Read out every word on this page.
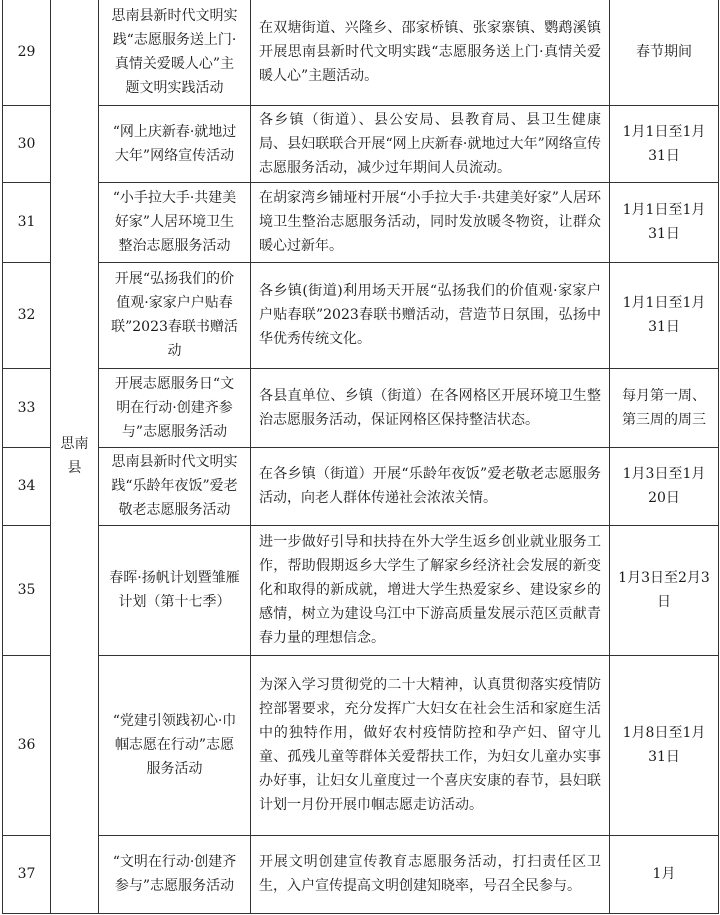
29	思南县	思南县新时代文明实践“志愿服务送上门·真情关爱暖人心”主题文明实践活动	在双塘街道、兴隆乡、邵家桥镇、张家寨镇、鹦鹉溪镇开展思南县新时代文明实践“志愿服务送上门·真情关爱暖人心”主题活动。	春节期间
30		“网上庆新春·就地过大年”网络宣传活动	各乡镇（街道）、县公安局、县教育局、县卫生健康局、县妇联联合开展“网上庆新春·就地过大年”网络宣传志愿服务活动，减少过年期间人员流动。	1月1日至1月31日
31		“小手拉大手·共建美好家”人居环境卫生整治志愿服务活动	在胡家湾乡铺垭村开展“小手拉大手·共建美好家”人居环境卫生整治志愿服务活动，同时发放暖冬物资，让群众暖心过新年。	1月1日至1月31日
32		开展“弘扬我们的价值观·家家户户贴春联”2023春联书赠活动	各乡镇(街道)利用场天开展“弘扬我们的价值观·家家户户贴春联”2023春联书赠活动，营造节日氛围，弘扬中华优秀传统文化。	1月1日至1月31日
33		开展志愿服务日“文明在行动·创建齐参与”志愿服务活动	各县直单位、乡镇（街道）在各网格区开展环境卫生整治志愿服务活动，保证网格区保持整洁状态。	每月第一周、第三周的周三
34		思南县新时代文明实践“乐龄年夜饭”爱老敬老志愿服务活动	在各乡镇（街道）开展“乐龄年夜饭”爱老敬老志愿服务活动，向老人群体传递社会浓浓关情。	1月3日至1月20日
35		春晖·扬帆计划暨雏雁计划（第十七季）	进一步做好引导和扶持在外大学生返乡创业就业服务工作，帮助假期返乡大学生了解家乡经济社会发展的新变化和取得的新成就，增进大学生热爱家乡、建设家乡的感情，树立为建设乌江中下游高质量发展示范区贡献青春力量的理想信念。	1月3日至2月3日
36		“党建引领践初心·巾帼志愿在行动”志愿服务活动	为深入学习贯彻党的二十大精神，认真贯彻落实疫情防控部署要求，充分发挥广大妇女在社会生活和家庭生活中的独特作用，做好农村疫情防控和孕产妇、留守儿童、孤残儿童等群体关爱帮扶工作，为妇女儿童办实事办好事，让妇女儿童度过一个喜庆安康的春节，县妇联计划一月份开展巾帼志愿走访活动。	1月8日至1月31日
37		“文明在行动·创建齐参与”志愿服务活动	开展文明创建宣传教育志愿服务活动，打扫责任区卫生，入户宣传提高文明创建知晓率，号召全民参与。	1月
